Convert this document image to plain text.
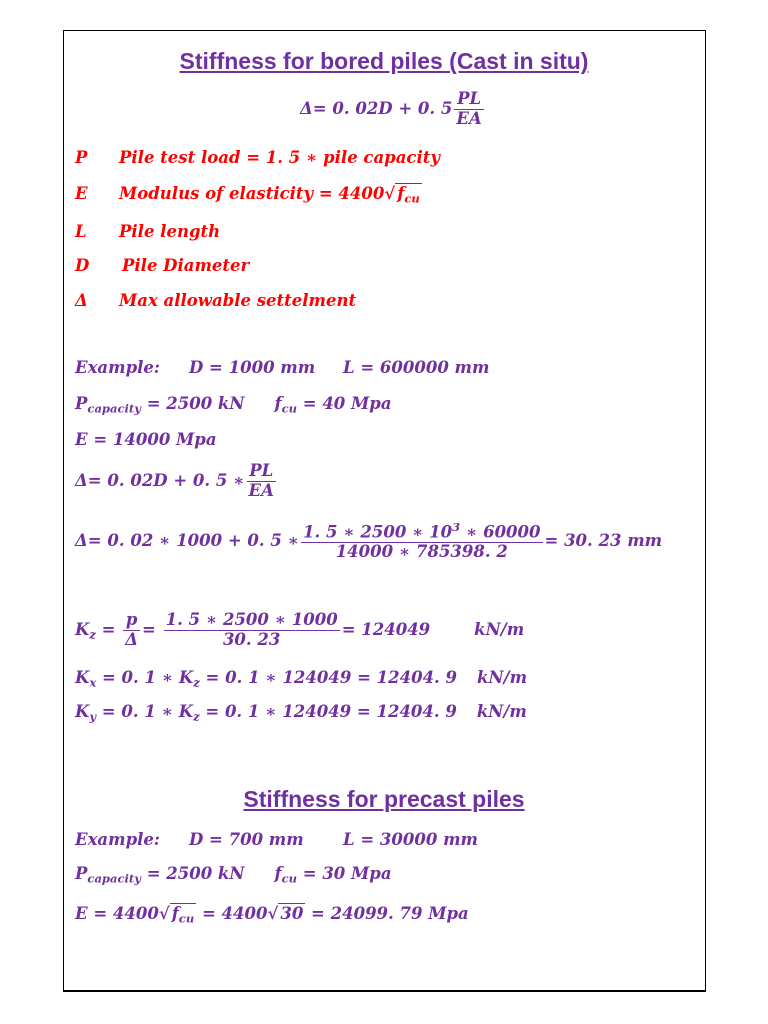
Stiffness for bored piles (Cast in situ)
Δ= 0. 02D + 0. $5 \frac{PL}{EA}$
P Pile test load = 1. 5 ∗ pile capacity
E Modulus of elasticity = 4400√ $f_{cu}$
L Pile length
D Pile Diameter
Δ Max allowable settelment
Example: D = 1000 mm L = 600000 mm
$P_{capacity} = 2500$ kN $f_{cu} = 40$ Mpa
E = 14000 Mpa
Δ= 0. 02D + 0. 5 ∗ $\frac{PL}{EA}$
Δ= 0. 02 ∗ 1000 + 0. 5 ∗ $\frac{1. 5 ∗ 2500 ∗ 10^3 ∗ 60000}{14000 ∗ 785398. 2} = 30$. 23 mm
$K_z = \frac{p}{\Delta} = \frac{1. 5 ∗ 2500 ∗ 1000}{30. 23} = 124049$	kN/m
$K_x = 0$. 1 ∗ $K_z = 0$. 1 ∗ 124049 = 12404. 9 kN/m
$K_y = 0$. 1 ∗ $K_z = 0$. 1 ∗ 124049 = 12404. 9 kN/m
Stiffness for precast piles
Example: D = 700 mm L = 30000 mm
$P_{capacity} = 2500$ kN $f_{cu} = 30$ Mpa
E = 4400√ $f_{cu} = 4400√$ 30 = 24099. 79 Mpa
